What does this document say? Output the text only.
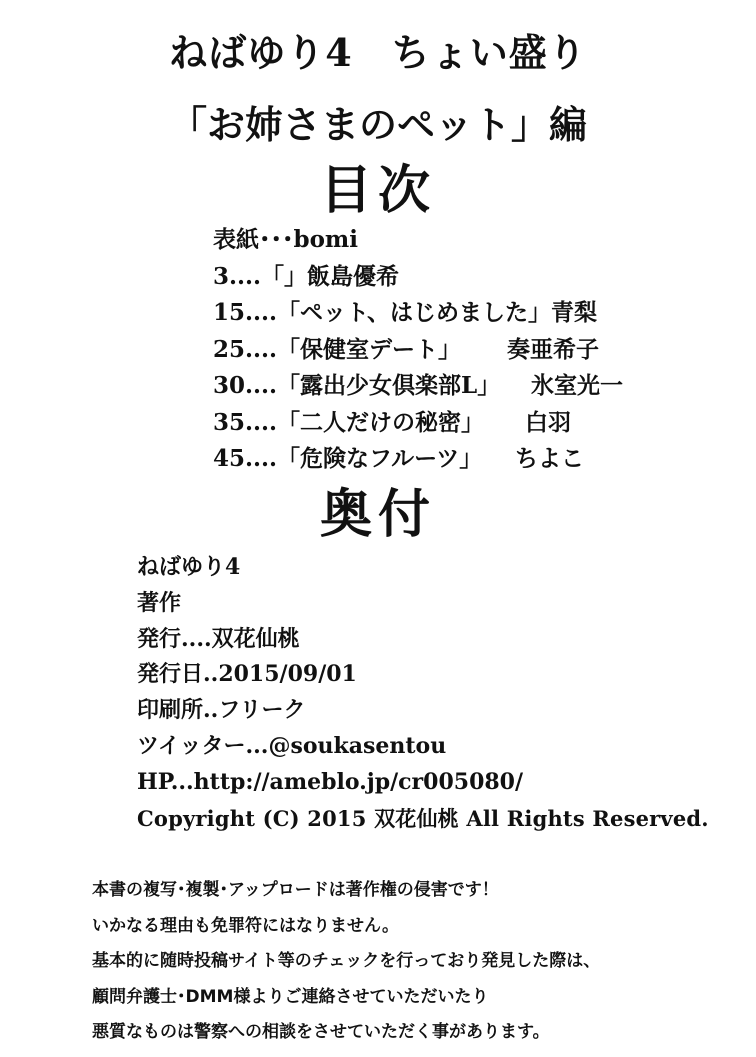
ねばゆり4　ちょい盛り
「お姉さまのペット」編
目次
表紙･･･bomi
3....「」飯島優希
15....「ペット、はじめました」青梨
25....「保健室デート」 奏亜希子
30....「露出少女倶楽部L」 氷室光一
35....「二人だけの秘密」 白羽
45....「危険なフルーツ」 ちよこ
奥付
ねばゆり4
著作
発行....双花仙桃
発行日..2015/09/01
印刷所..フリーク
ツイッター...@soukasentou
HP...http://ameblo.jp/cr005080/
Copyright (C) 2015 双花仙桃 All Rights Reserved.
本書の複写･複製･アップロードは著作権の侵害です！
いかなる理由も免罪符にはなりません。
基本的に随時投稿サイト等のチェックを行っており発見した際は、
顧問弁護士･DMM様よりご連絡させていただいたり
悪質なものは警察への相談をさせていただく事があります。
